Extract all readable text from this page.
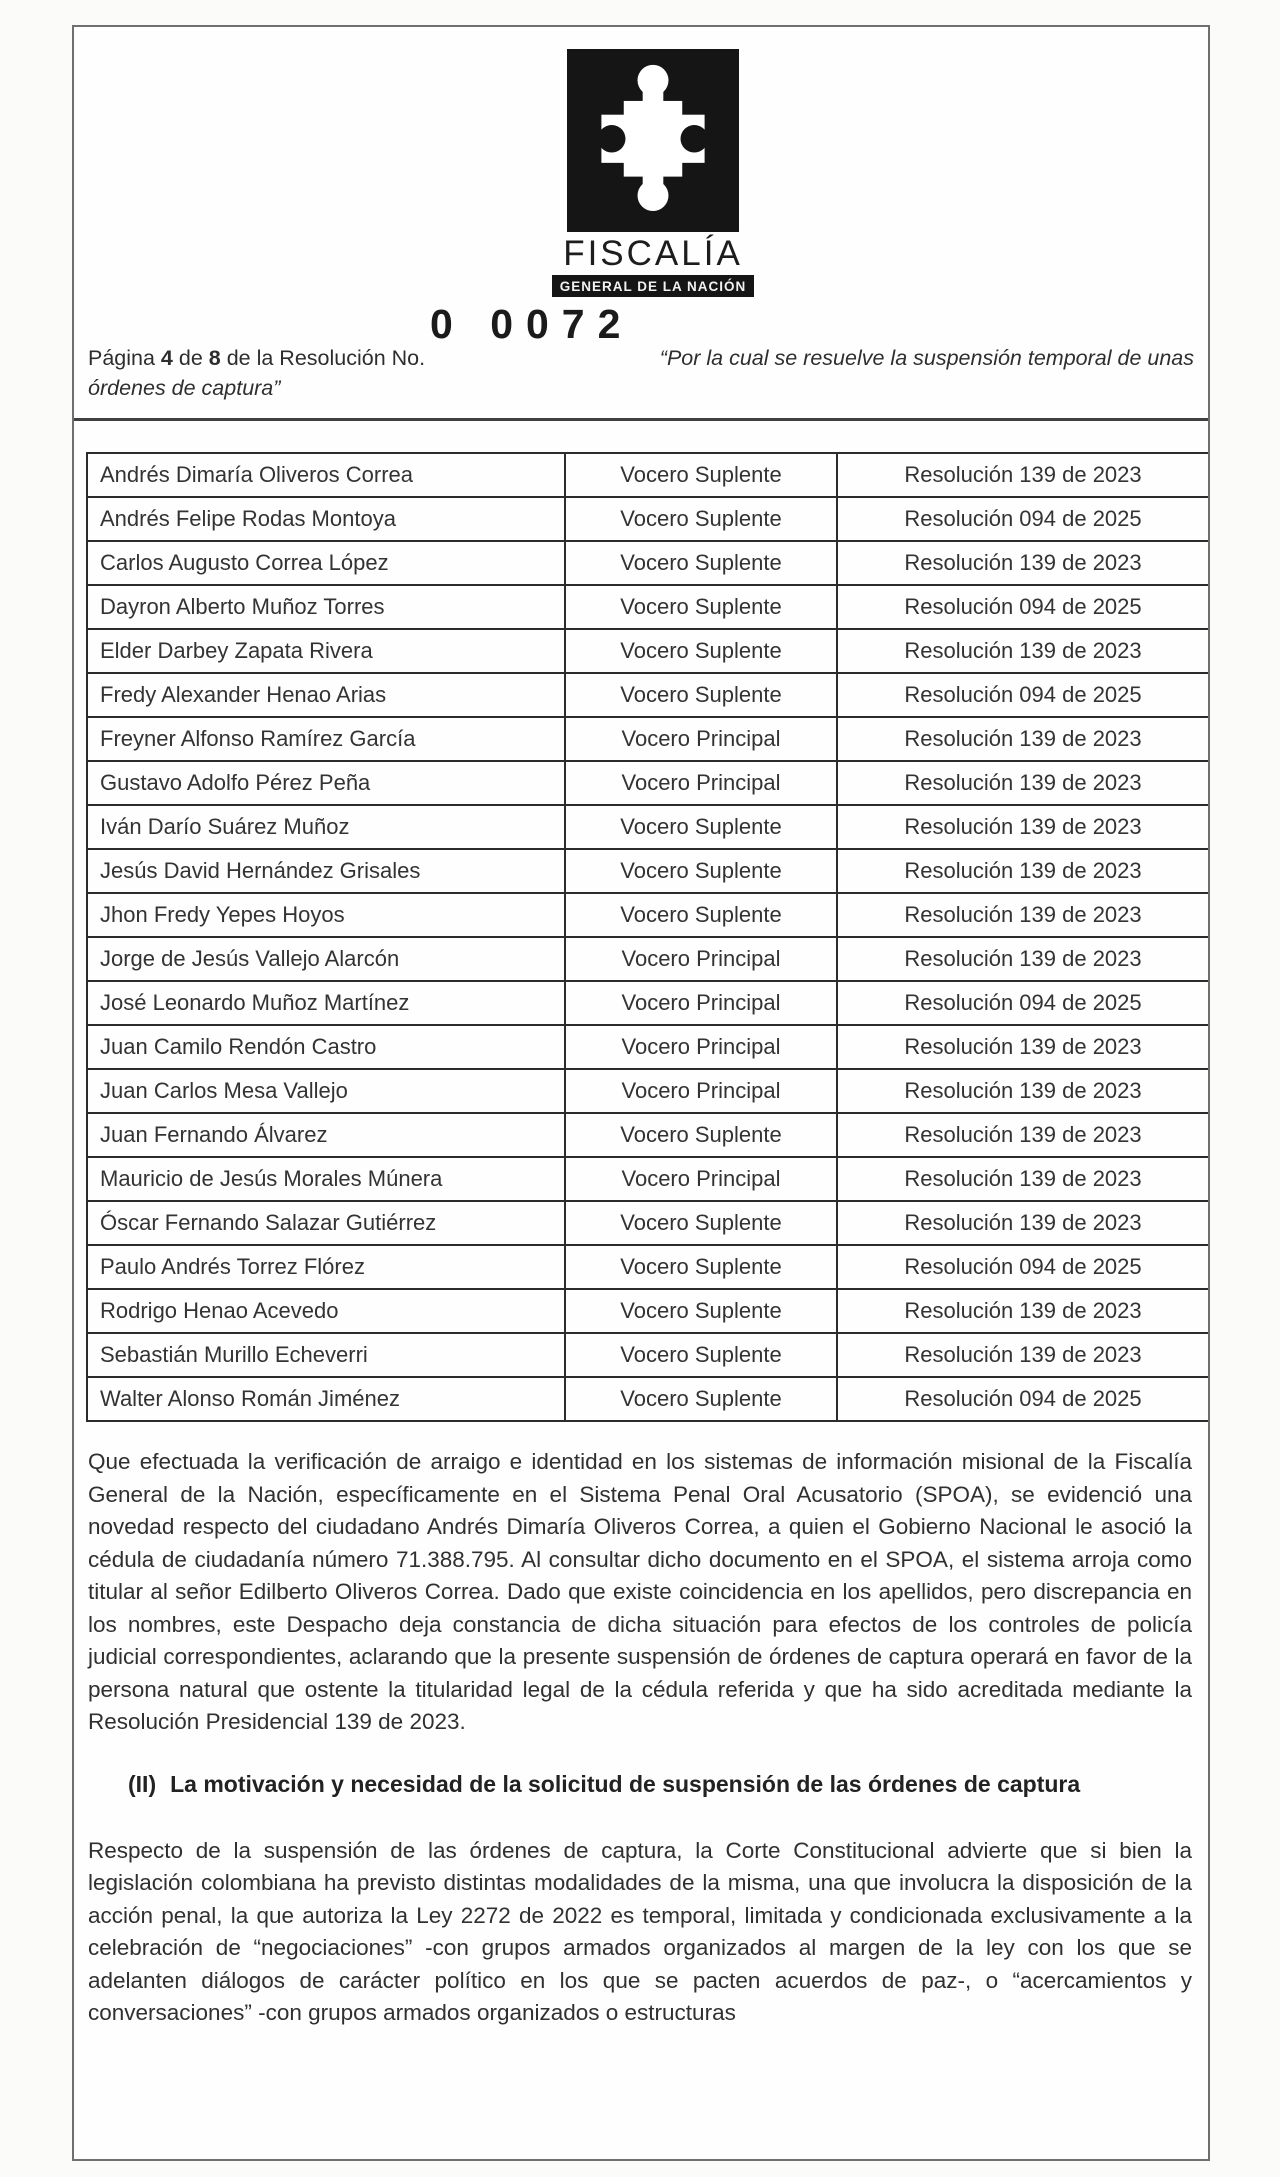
FISCALÍA
GENERAL DE LA NACIÓN
0 0072
Página 4 de 8 de la Resolución No.	“Por la cual se resuelve la suspensión temporal de unas
órdenes de captura”
Andrés Dimaría Oliveros Correa	Vocero Suplente	Resolución 139 de 2023
Andrés Felipe Rodas Montoya	Vocero Suplente	Resolución 094 de 2025
Carlos Augusto Correa López	Vocero Suplente	Resolución 139 de 2023
Dayron Alberto Muñoz Torres	Vocero Suplente	Resolución 094 de 2025
Elder Darbey Zapata Rivera	Vocero Suplente	Resolución 139 de 2023
Fredy Alexander Henao Arias	Vocero Suplente	Resolución 094 de 2025
Freyner Alfonso Ramírez García	Vocero Principal	Resolución 139 de 2023
Gustavo Adolfo Pérez Peña	Vocero Principal	Resolución 139 de 2023
Iván Darío Suárez Muñoz	Vocero Suplente	Resolución 139 de 2023
Jesús David Hernández Grisales	Vocero Suplente	Resolución 139 de 2023
Jhon Fredy Yepes Hoyos	Vocero Suplente	Resolución 139 de 2023
Jorge de Jesús Vallejo Alarcón	Vocero Principal	Resolución 139 de 2023
José Leonardo Muñoz Martínez	Vocero Principal	Resolución 094 de 2025
Juan Camilo Rendón Castro	Vocero Principal	Resolución 139 de 2023
Juan Carlos Mesa Vallejo	Vocero Principal	Resolución 139 de 2023
Juan Fernando Álvarez	Vocero Suplente	Resolución 139 de 2023
Mauricio de Jesús Morales Múnera	Vocero Principal	Resolución 139 de 2023
Óscar Fernando Salazar Gutiérrez	Vocero Suplente	Resolución 139 de 2023
Paulo Andrés Torrez Flórez	Vocero Suplente	Resolución 094 de 2025
Rodrigo Henao Acevedo	Vocero Suplente	Resolución 139 de 2023
Sebastián Murillo Echeverri	Vocero Suplente	Resolución 139 de 2023
Walter Alonso Román Jiménez	Vocero Suplente	Resolución 094 de 2025
Que efectuada la verificación de arraigo e identidad en los sistemas de información misional de la Fiscalía General de la Nación, específicamente en el Sistema Penal Oral Acusatorio (SPOA), se evidenció una novedad respecto del ciudadano Andrés Dimaría Oliveros Correa, a quien el Gobierno Nacional le asoció la cédula de ciudadanía número 71.388.795. Al consultar dicho documento en el SPOA, el sistema arroja como titular al señor Edilberto Oliveros Correa. Dado que existe coincidencia en los apellidos, pero discrepancia en los nombres, este Despacho deja constancia de dicha situación para efectos de los controles de policía judicial correspondientes, aclarando que la presente suspensión de órdenes de captura operará en favor de la persona natural que ostente la titularidad legal de la cédula referida y que ha sido acreditada mediante la Resolución Presidencial 139 de 2023.
(II) La motivación y necesidad de la solicitud de suspensión de las órdenes de captura
Respecto de la suspensión de las órdenes de captura, la Corte Constitucional advierte que si bien la legislación colombiana ha previsto distintas modalidades de la misma, una que involucra la disposición de la acción penal, la que autoriza la Ley 2272 de 2022 es temporal, limitada y condicionada exclusivamente a la celebración de “negociaciones” -con grupos armados organizados al margen de la ley con los que se adelanten diálogos de carácter político en los que se pacten acuerdos de paz-, o “acercamientos y conversaciones” -con grupos armados organizados o estructuras
